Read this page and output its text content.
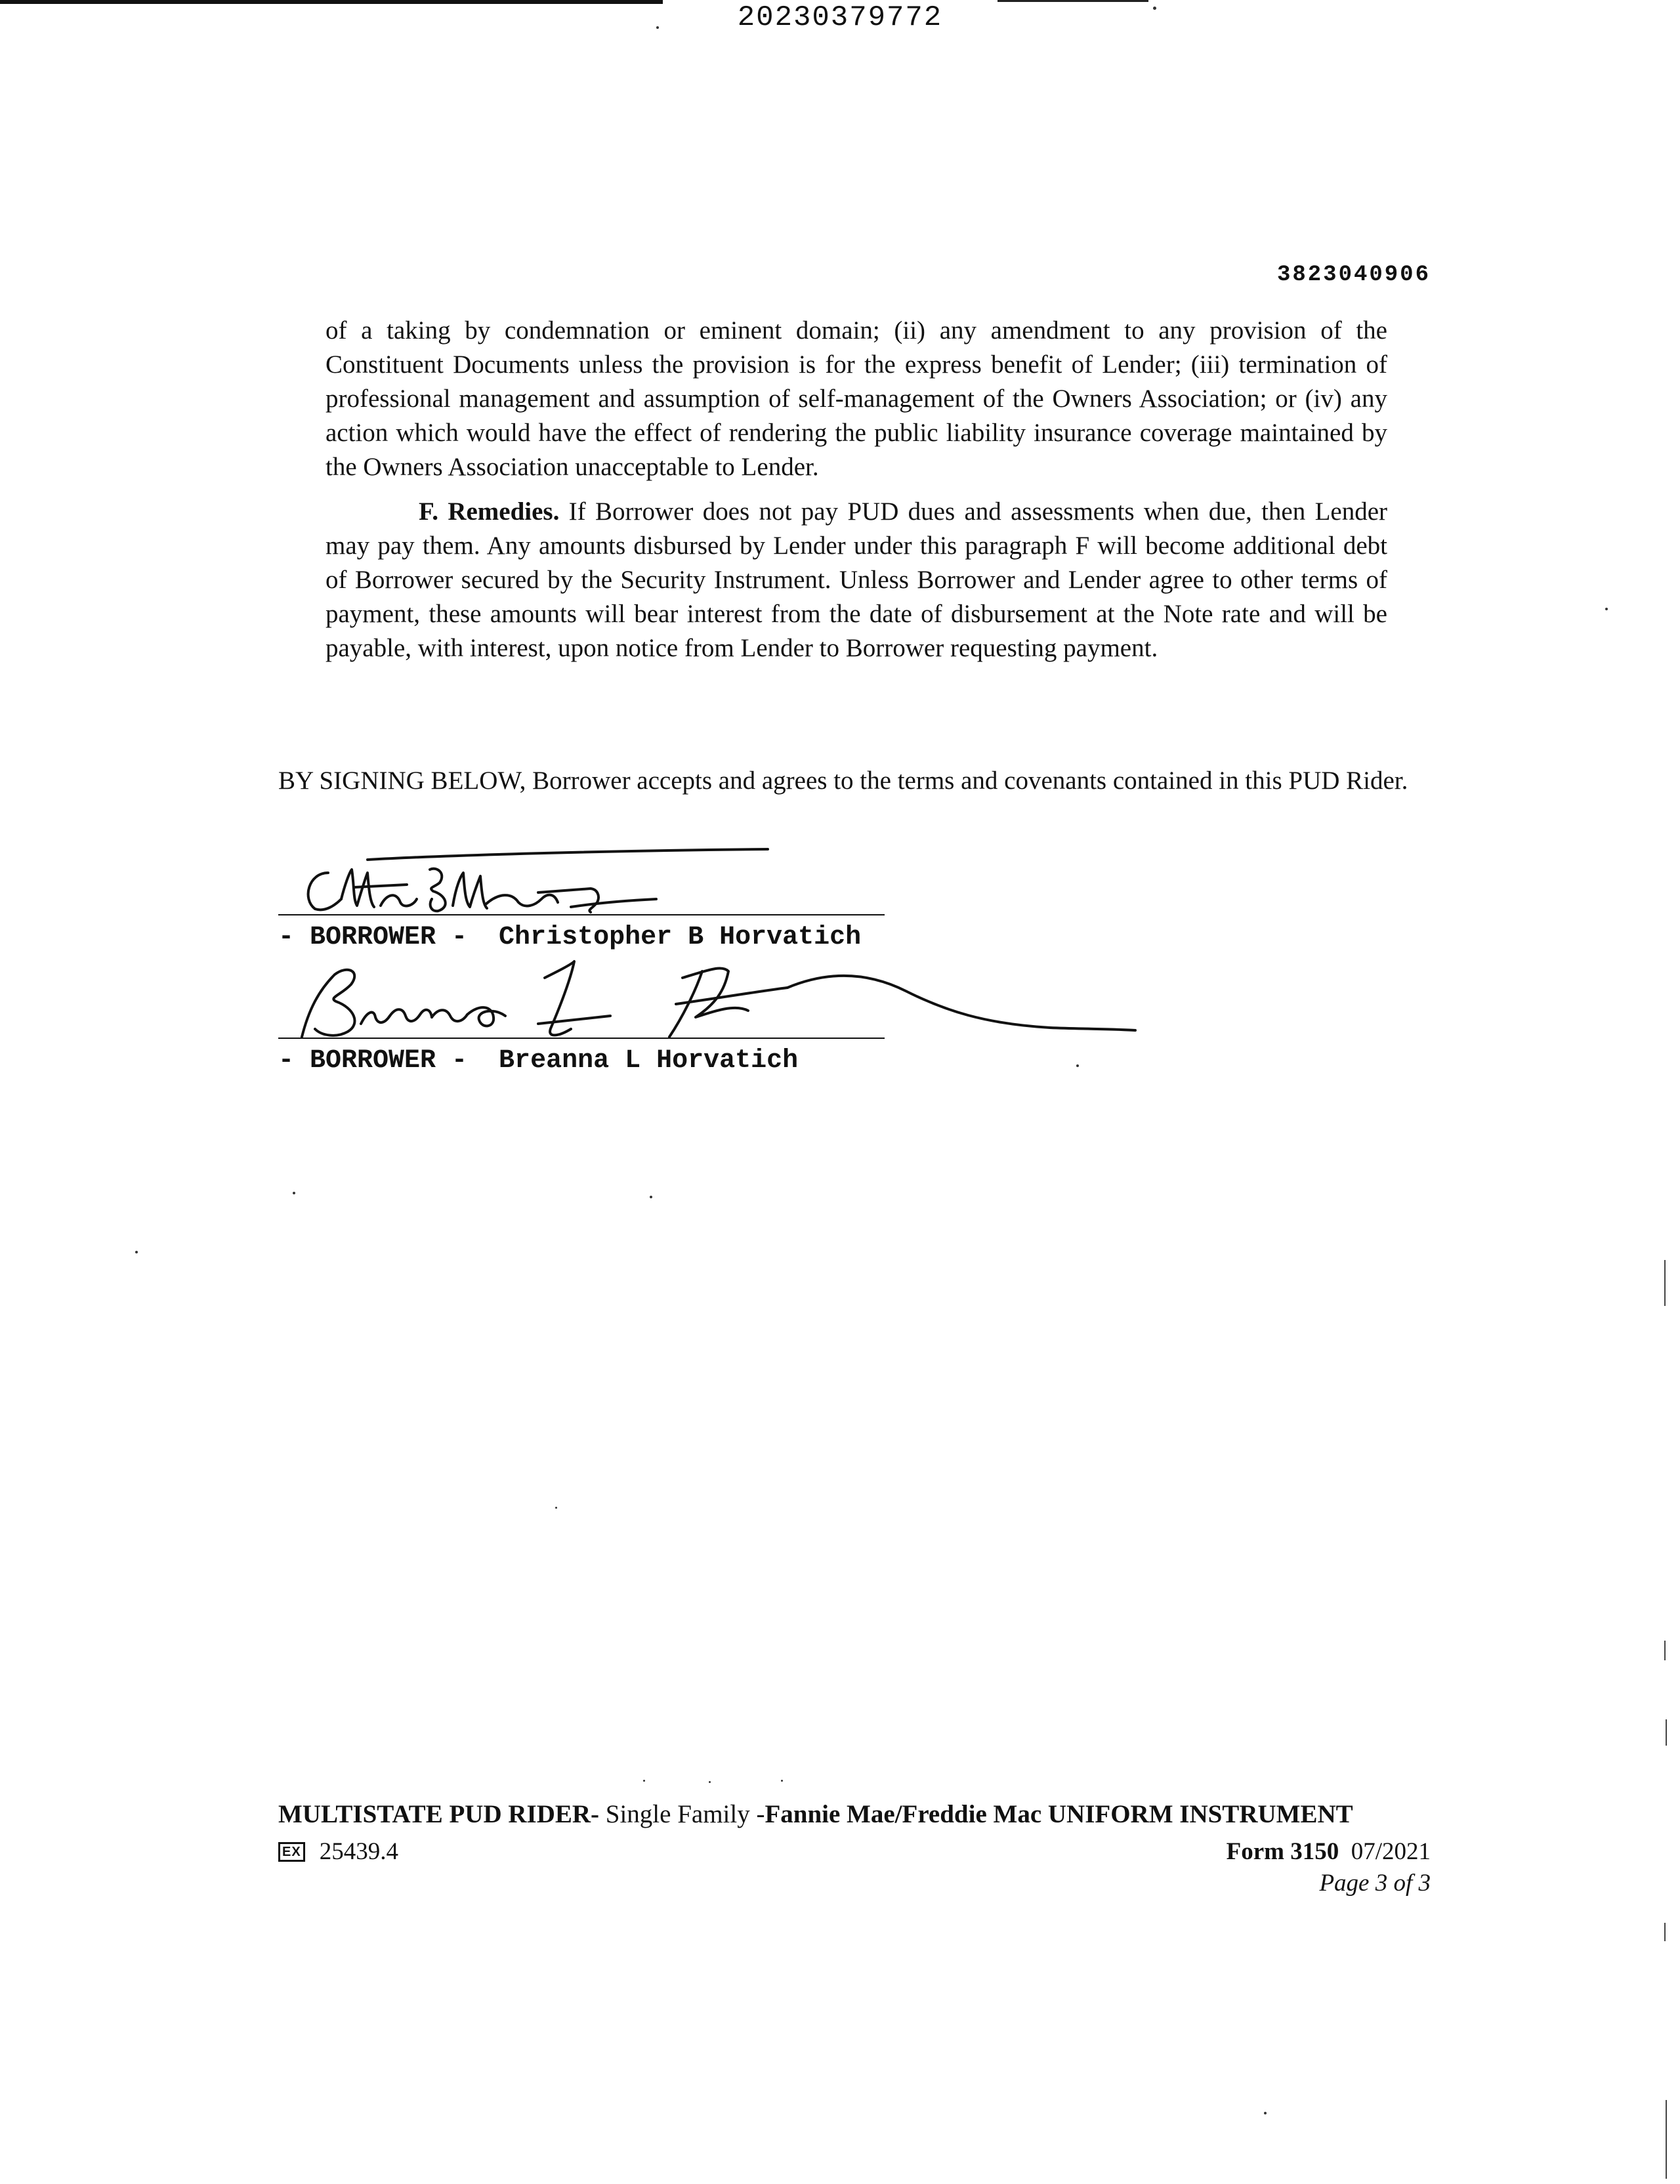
20230379772
3823040906

of a taking by condemnation or eminent domain; (ii) any amendment to any provision of the Constituent Documents unless the provision is for the express benefit of Lender; (iii) termination of professional management and assumption of self-management of the Owners Association; or (iv) any action which would have the effect of rendering the public liability insurance coverage maintained by the Owners Association unacceptable to Lender.

F. Remedies. If Borrower does not pay PUD dues and assessments when due, then Lender may pay them. Any amounts disbursed by Lender under this paragraph F will become additional debt of Borrower secured by the Security Instrument. Unless Borrower and Lender agree to other terms of payment, these amounts will bear interest from the date of disbursement at the Note rate and will be payable, with interest, upon notice from Lender to Borrower requesting payment.

BY SIGNING BELOW, Borrower accepts and agrees to the terms and covenants contained in this PUD Rider.

- BORROWER -  Christopher B Horvatich
- BORROWER -  Breanna L Horvatich
MULTISTATE PUD RIDER- Single Family -Fannie Mae/Freddie Mac UNIFORM INSTRUMENT
EX 25439.4	Form 3150  07/2021
Page 3 of 3
